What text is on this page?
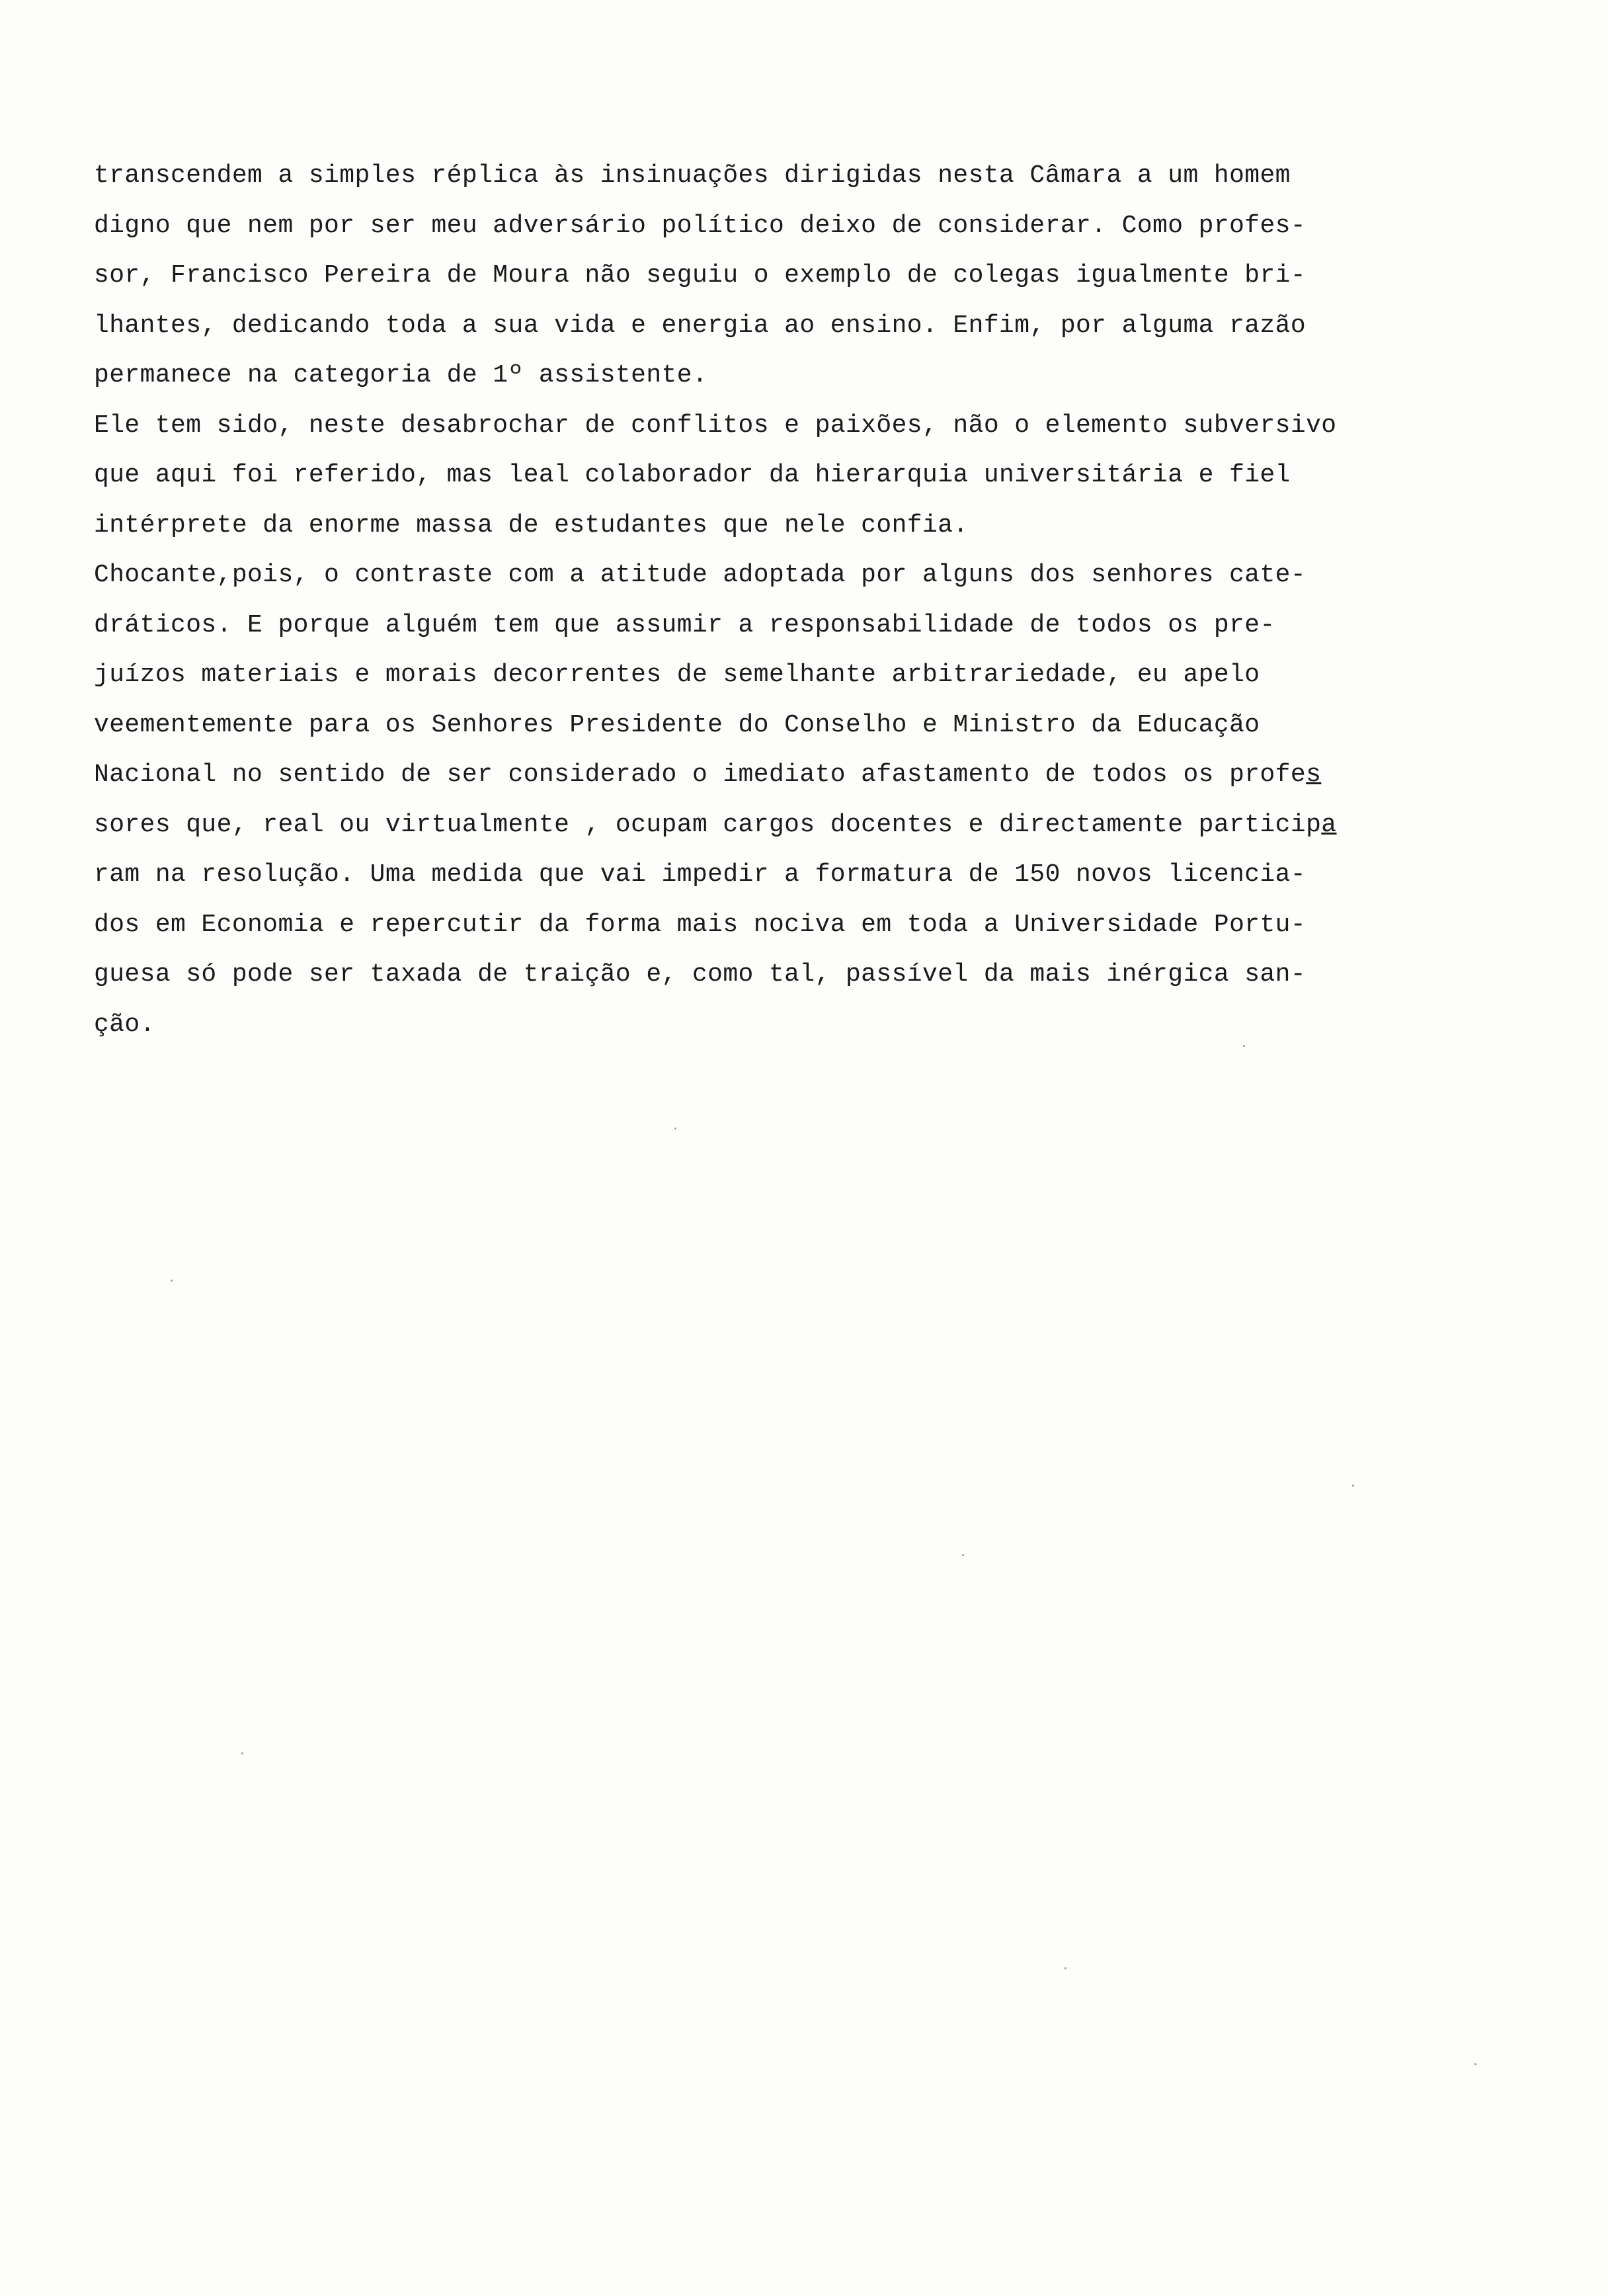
transcendem a simples réplica às insinuações dirigidas nesta Câmara a um homem
digno que nem por ser meu adversário político deixo de considerar. Como profes-
sor, Francisco Pereira de Moura não seguiu o exemplo de colegas igualmente bri-
lhantes, dedicando toda a sua vida e energia ao ensino. Enfim, por alguma razão
permanece na categoria de 1º assistente.
Ele tem sido, neste desabrochar de conflitos e paixões, não o elemento subversivo
que aqui foi referido, mas leal colaborador da hierarquia universitária e fiel
intérprete da enorme massa de estudantes que nele confia.
Chocante,pois, o contraste com a atitude adoptada por alguns dos senhores cate-
dráticos. E porque alguém tem que assumir a responsabilidade de todos os pre-
juízos materiais e morais decorrentes de semelhante arbitrariedade, eu apelo
veementemente para os Senhores Presidente do Conselho e Ministro da Educação
Nacional no sentido de ser considerado o imediato afastamento de todos os profes
sores que, real ou virtualmente , ocupam cargos docentes e directamente participa
ram na resolução. Uma medida que vai impedir a formatura de 150 novos licencia-
dos em Economia e repercutir da forma mais nociva em toda a Universidade Portu-
guesa só pode ser taxada de traição e, como tal, passível da mais inérgica san-
ção.
